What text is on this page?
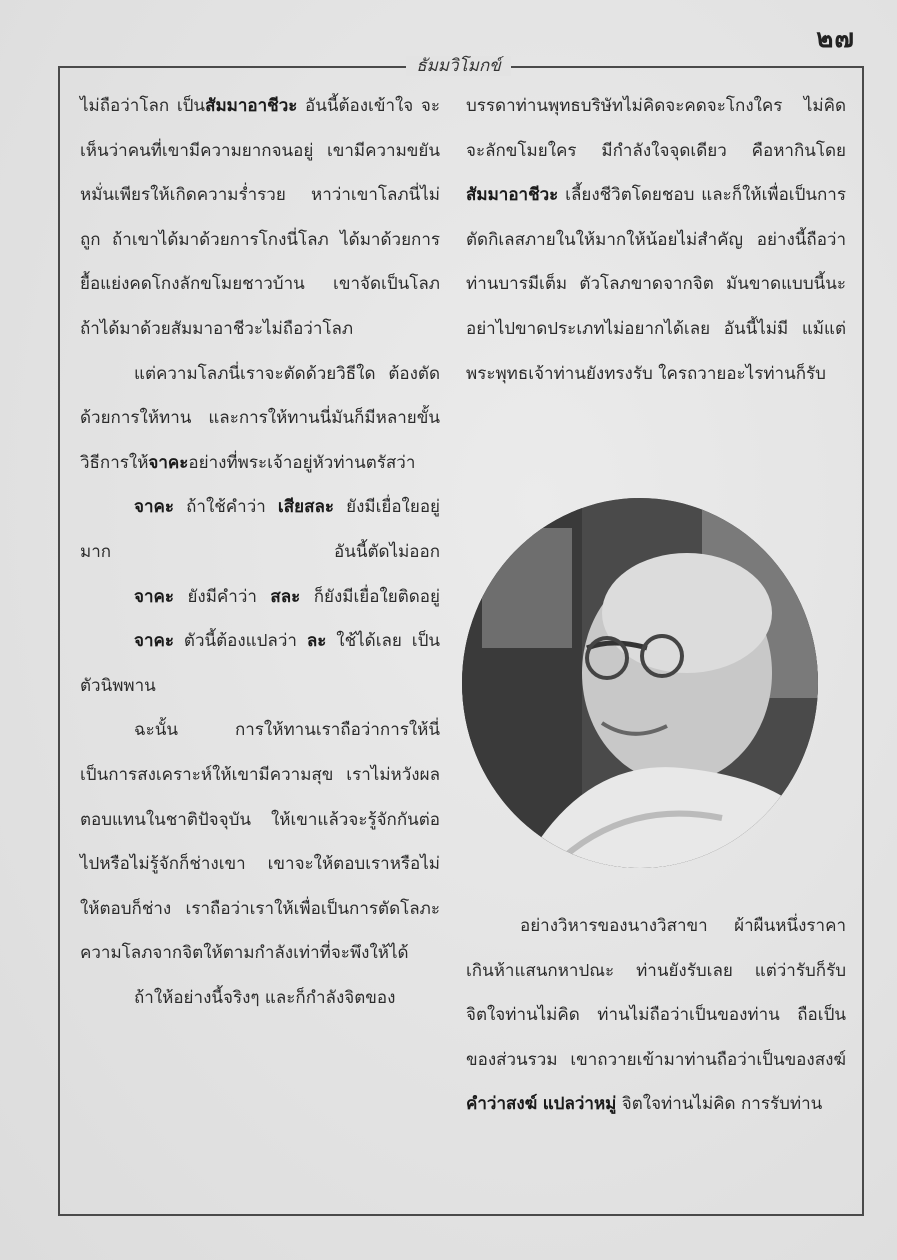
๒๗
ธัมมวิโมกข์

ไม่ถือว่าโลก เป็นสัมมาอาชีวะ อันนี้ต้องเข้าใจ จะเห็นว่าคนที่เขามีความยากจนอยู่ เขามีความขยันหมั่นเพียรให้เกิดความร่ำรวย หาว่าเขาโลภนี่ไม่ถูก ถ้าเขาได้มาด้วยการโกงนี่โลภ ได้มาด้วยการยื้อแย่งคดโกงลักขโมยชาวบ้าน เขาจัดเป็นโลภ ถ้าได้มาด้วยสัมมาอาชีวะไม่ถือว่าโลภ

แต่ความโลภนี่เราจะตัดด้วยวิธีใด ต้องตัดด้วยการให้ทาน และการให้ทานนี่มันก็มีหลายขั้น วิธีการให้จาคะอย่างที่พระเจ้าอยู่หัวท่านตรัสว่า

จาคะ ถ้าใช้คำว่า เสียสละ ยังมีเยื่อใยอยู่มาก อันนี้ตัดไม่ออก

จาคะ ยังมีคำว่า สละ ก็ยังมีเยื่อใยติดอยู่

จาคะ ตัวนี้ต้องแปลว่า ละ ใช้ได้เลย เป็นตัวนิพพาน

ฉะนั้น การให้ทานเราถือว่าการให้นี่เป็นการสงเคราะห์ให้เขามีความสุข เราไม่หวังผลตอบแทนในชาติปัจจุบัน ให้เขาแล้วจะรู้จักกันต่อไปหรือไม่รู้จักก็ช่างเขา เขาจะให้ตอบเราหรือไม่ให้ตอบก็ช่าง เราถือว่าเราให้เพื่อเป็นการตัดโลภะความโลภจากจิตให้ตามกำลังเท่าที่จะพึงให้ได้

ถ้าให้อย่างนี้จริงๆ และก็กำลังจิตของ

บรรดาท่านพุทธบริษัทไม่คิดจะคดจะโกงใคร ไม่คิดจะลักขโมยใคร มีกำลังใจจุดเดียว คือหากินโดยสัมมาอาชีวะ เลี้ยงชีวิตโดยชอบ และก็ให้เพื่อเป็นการตัดกิเลสภายในให้มากให้น้อยไม่สำคัญ อย่างนี้ถือว่าท่านบารมีเต็ม ตัวโลภขาดจากจิต มันขาดแบบนี้นะ อย่าไปขาดประเภทไม่อยากได้เลย อันนี้ไม่มี แม้แต่พระพุทธเจ้าท่านยังทรงรับ ใครถวายอะไรท่านก็รับ

อย่างวิหารของนางวิสาขา ผ้าผืนหนึ่งราคาเกินห้าแสนกหาปณะ ท่านยังรับเลย แต่ว่ารับก็รับจิตใจท่านไม่คิด ท่านไม่ถือว่าเป็นของท่าน ถือเป็นของส่วนรวม เขาถวายเข้ามาท่านถือว่าเป็นของสงฆ์ คำว่าสงฆ์ แปลว่าหมู่ จิตใจท่านไม่คิด การรับท่าน
